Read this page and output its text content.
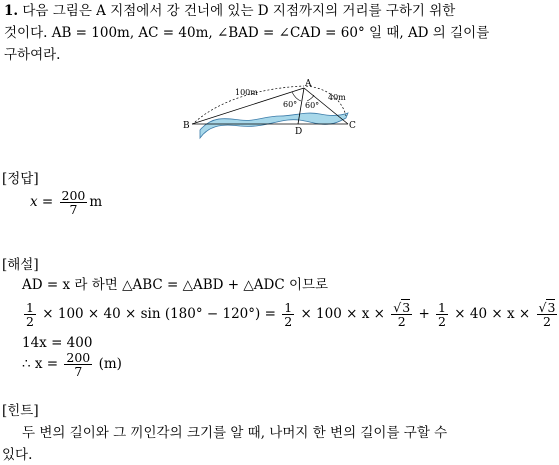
1. 다음 그림은 A 지점에서 강 건너에 있는 D 지점까지의 거리를 구하기 위한
것이다. AB = 100m, AC = 40m, ∠BAD = ∠CAD = 60° 일 때, AD 의 길이를
구하여라.
A
B	C
D
100m
40m
60° 60°
[정답]
$x = \frac{200}{7}$ m
[해설]
AD = x 라 하면 △ABC = △ABD + △ADC 이므로
$\frac{1}{2} \times 100 \times 40 \times \sin (180^\circ - 120^\circ) = \frac{1}{2} \times 100 \times x \times \frac{√3}{2} + \frac{1}{2} \times 40 \times x \times \frac{√3}{2}$
14x = 400
∴ $x = \frac{200}{7} (m)$
[힌트]
두 변의 길이와 그 끼인각의 크기를 알 때, 나머지 한 변의 길이를 구할 수
있다.
